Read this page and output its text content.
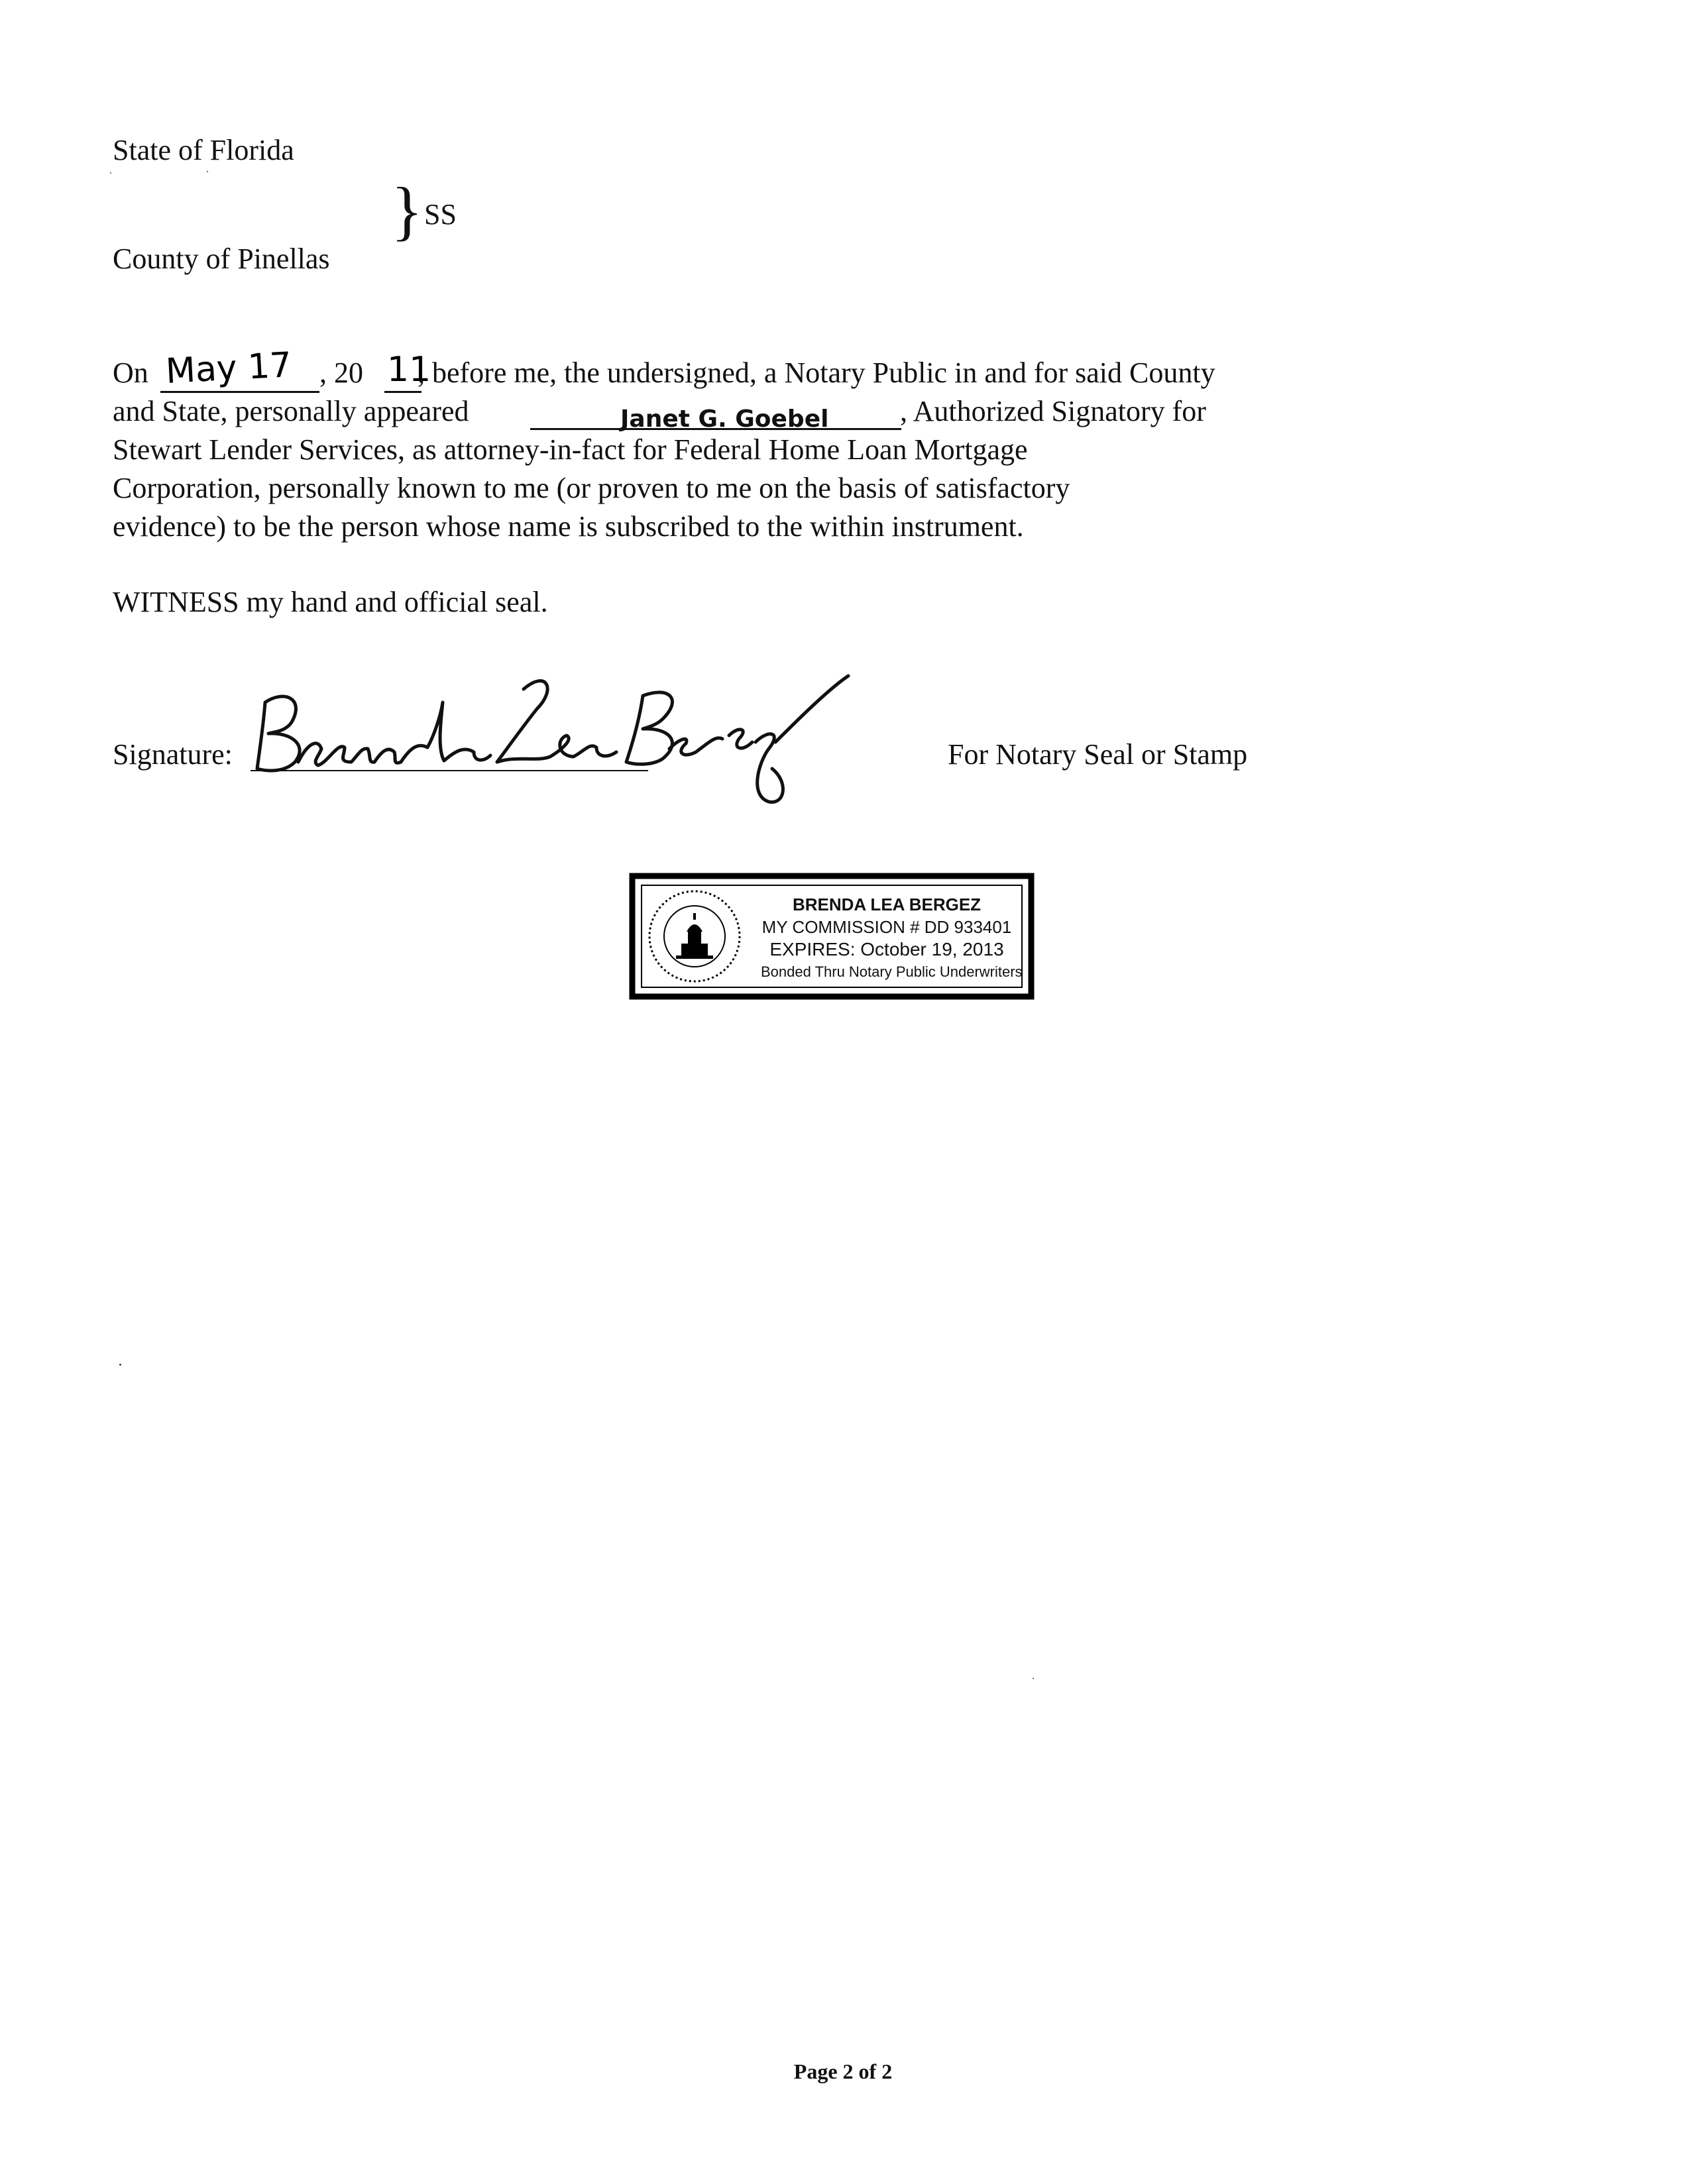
State of Florida
} SS
County of Pinellas
On May 17 , 20 11
, before me, the undersigned, a Notary Public in and for said County
and State, personally appeared	Janet G. Goebel , Authorized Signatory for
Stewart Lender Services, as attorney-in-fact for Federal Home Loan Mortgage
Corporation, personally known to me (or proven to me on the basis of satisfactory
evidence) to be the person whose name is subscribed to the within instrument.
WITNESS my hand and official seal.
Signature:	For Notary Seal or Stamp
BRENDA LEA BERGEZ
MY COMMISSION # DD 933401
EXPIRES: October 19, 2013
Bonded Thru Notary Public Underwriters
Page 2 of 2
